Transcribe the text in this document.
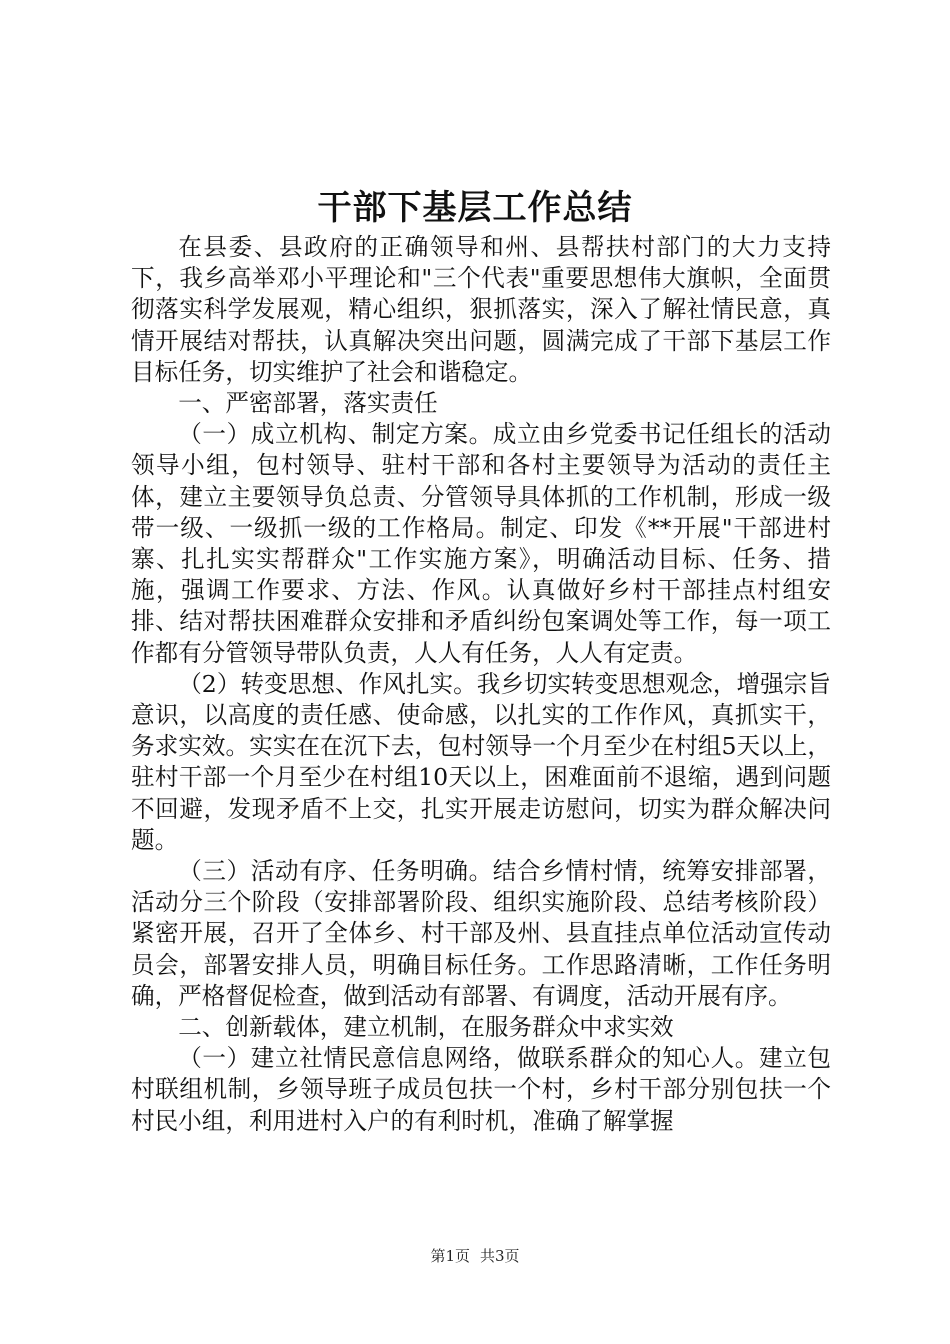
干部下基层工作总结

在县委、县政府的正确领导和州、县帮扶村部门的大力支持下，我乡高举邓小平理论和"三个代表"重要思想伟大旗帜，全面贯彻落实科学发展观，精心组织，狠抓落实，深入了解社情民意，真情开展结对帮扶，认真解决突出问题，圆满完成了干部下基层工作目标任务，切实维护了社会和谐稳定。

一、严密部署，落实责任

（一）成立机构、制定方案。成立由乡党委书记任组长的活动领导小组，包村领导、驻村干部和各村主要领导为活动的责任主体，建立主要领导负总责、分管领导具体抓的工作机制，形成一级带一级、一级抓一级的工作格局。制定、印发《**开展"干部进村寨、扎扎实实帮群众"工作实施方案》，明确活动目标、任务、措施，强调工作要求、方法、作风。认真做好乡村干部挂点村组安排、结对帮扶困难群众安排和矛盾纠纷包案调处等工作，每一项工作都有分管领导带队负责，人人有任务，人人有定责。

（2）转变思想、作风扎实。我乡切实转变思想观念，增强宗旨意识，以高度的责任感、使命感，以扎实的工作作风，真抓实干，务求实效。实实在在沉下去，包村领导一个月至少在村组5天以上，驻村干部一个月至少在村组10天以上，困难面前不退缩，遇到问题不回避，发现矛盾不上交，扎实开展走访慰问，切实为群众解决问题。

（三）活动有序、任务明确。结合乡情村情，统筹安排部署，活动分三个阶段（安排部署阶段、组织实施阶段、总结考核阶段）紧密开展，召开了全体乡、村干部及州、县直挂点单位活动宣传动员会，部署安排人员，明确目标任务。工作思路清晰，工作任务明确，严格督促检查，做到活动有部署、有调度，活动开展有序。

二、创新载体，建立机制，在服务群众中求实效

（一）建立社情民意信息网络，做联系群众的知心人。建立包村联组机制，乡领导班子成员包扶一个村，乡村干部分别包扶一个村民小组，利用进村入户的有利时机，准确了解掌握

第1页 共3页
